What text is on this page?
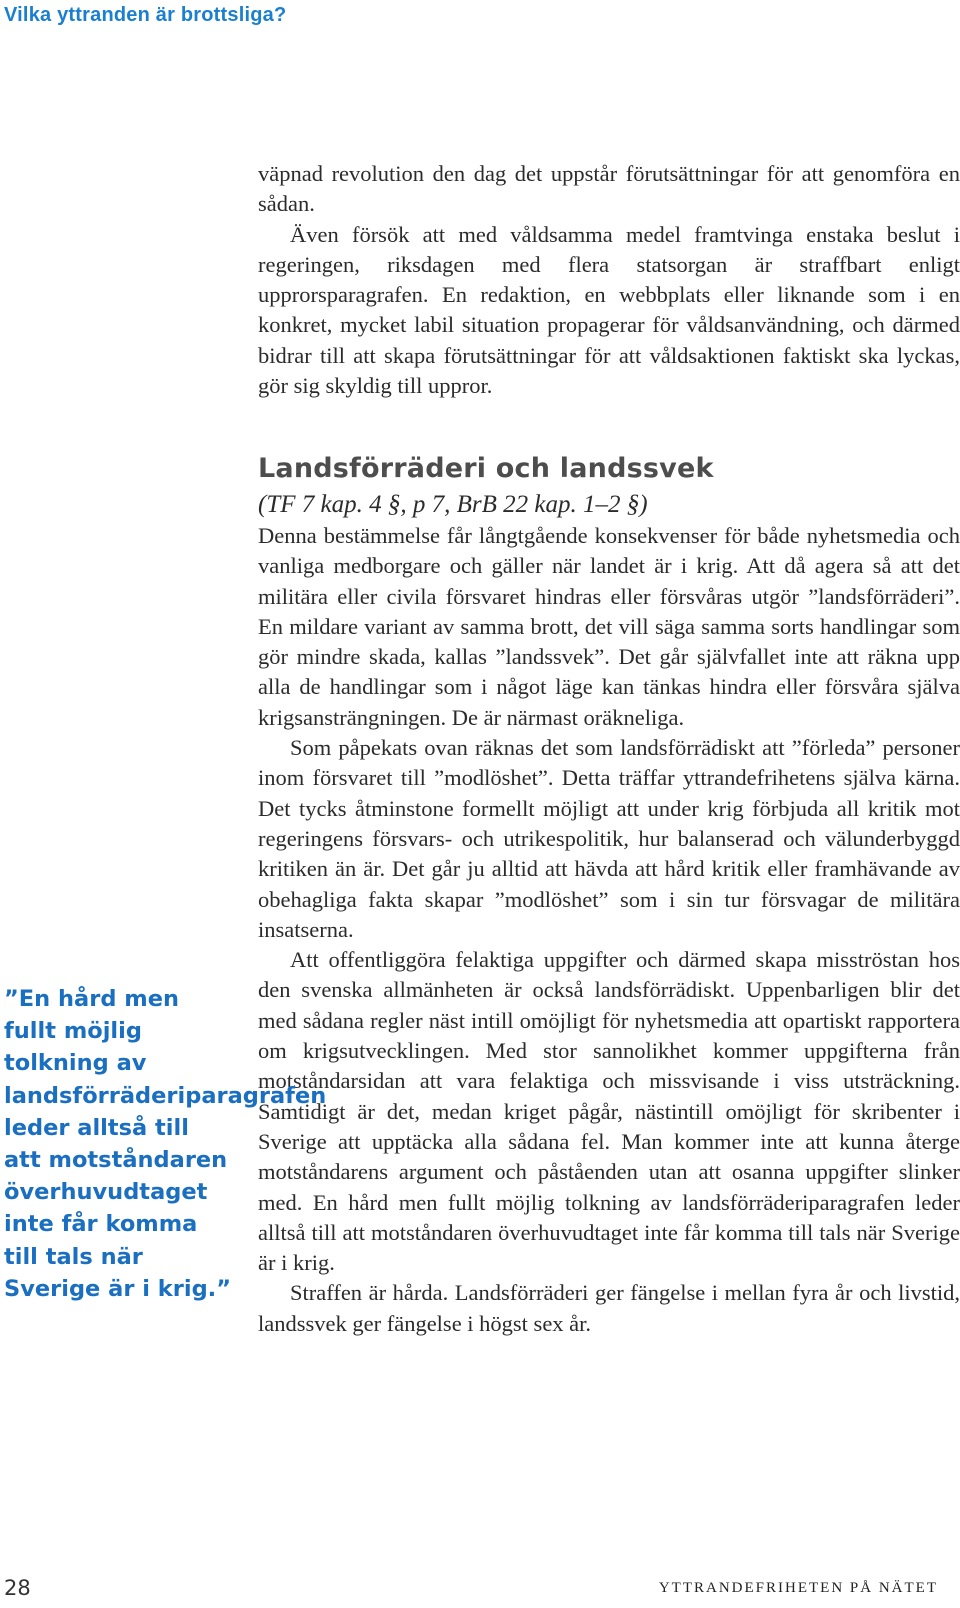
Vilka yttranden är brottsliga?

väpnad revolution den dag det uppstår förutsättningar för att genomföra en sådan.

Även försök att med våldsamma medel framtvinga enstaka beslut i regeringen, riksdagen med flera statsorgan är straffbart enligt upprorsparagrafen. En redaktion, en webbplats eller liknande som i en konkret, mycket labil situation propagerar för våldsanvändning, och därmed bidrar till att skapa förutsättningar för att våldsaktionen faktiskt ska lyckas, gör sig skyldig till uppror.

Landsförräderi och landssvek
(TF 7 kap. 4 §, p 7, BrB 22 kap. 1–2 §)

Denna bestämmelse får långtgående konsekvenser för både nyhetsmedia och vanliga medborgare och gäller när landet är i krig. Att då agera så att det militära eller civila försvaret hindras eller försvåras utgör ”landsförräderi”. En mildare variant av samma brott, det vill säga samma sorts handlingar som gör mindre skada, kallas ”landssvek”. Det går självfallet inte att räkna upp alla de handlingar som i något läge kan tänkas hindra eller försvåra själva krigsansträngningen. De är närmast oräkneliga.

Som påpekats ovan räknas det som landsförrädiskt att ”förleda” personer inom försvaret till ”modlöshet”. Detta träffar yttrandefrihetens själva kärna. Det tycks åtminstone formellt möjligt att under krig förbjuda all kritik mot regeringens försvars- och utrikespolitik, hur balanserad och välunderbyggd kritiken än är. Det går ju alltid att hävda att hård kritik eller framhävande av obehagliga fakta skapar ”modlöshet” som i sin tur försvagar de militära insatserna.

Att offentliggöra felaktiga uppgifter och därmed skapa misströstan hos den svenska allmänheten är också landsförrädiskt. Uppenbarligen blir det med sådana regler näst intill omöjligt för nyhetsmedia att opartiskt rapportera om krigsutvecklingen. Med stor sannolikhet kommer uppgifterna från motståndarsidan att vara felaktiga och missvisande i viss utsträckning. Samtidigt är det, medan kriget pågår, nästintill omöjligt för skribenter i Sverige att upptäcka alla sådana fel. Man kommer inte att kunna återge motståndarens argument och påståenden utan att osanna uppgifter slinker med. En hård men fullt möjlig tolkning av landsförräderiparagrafen leder alltså till att motståndaren överhuvudtaget inte får komma till tals när Sverige är i krig.

Straffen är hårda. Landsförräderi ger fängelse i mellan fyra år och livstid, landssvek ger fängelse i högst sex år.

”En hård men fullt möjlig tolkning av landsförräderiparagrafen leder alltså till att motståndaren överhuvudtaget inte får komma till tals när Sverige är i krig.”
28	YTTRANDEFRIHETEN PÅ NÄTET
